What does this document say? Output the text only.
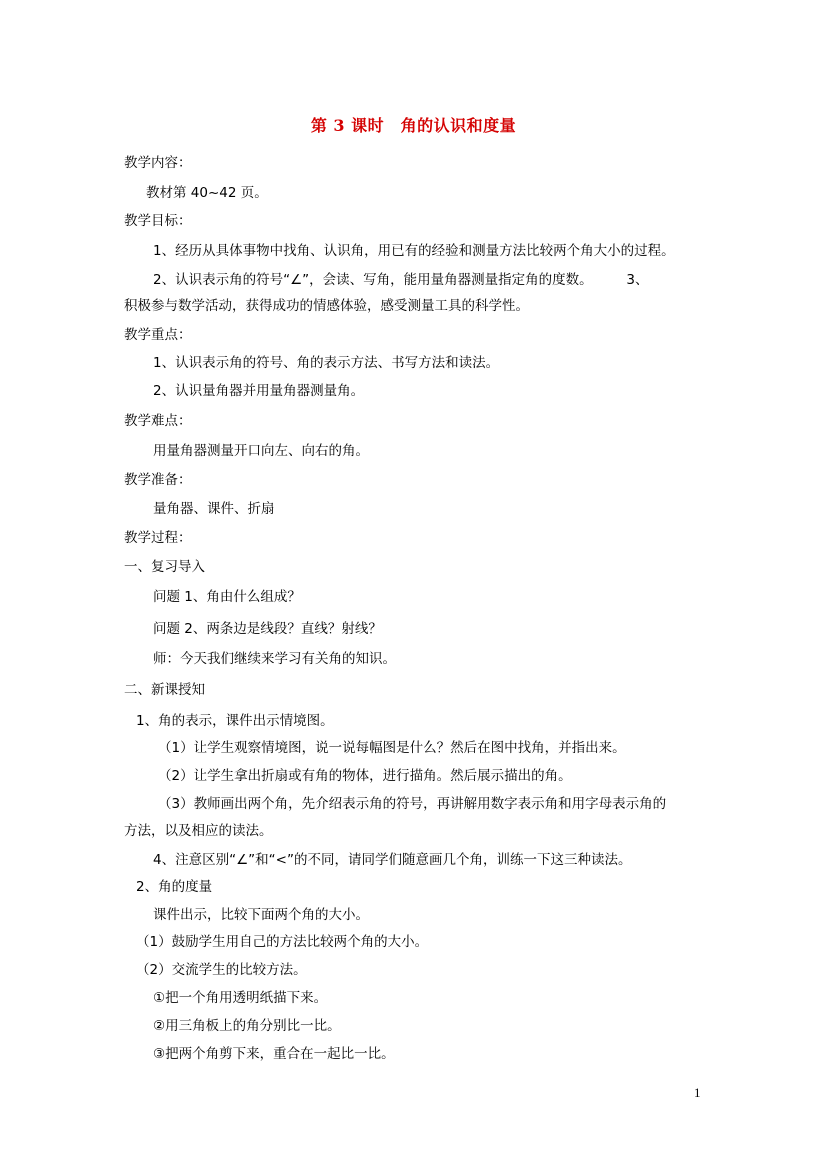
第 3 课时　角的认识和度量
教学内容：
教材第 40~42 页。
教学目标：
1、经历从具体事物中找角、认识角，用已有的经验和测量方法比较两个角大小的过程。
2、认识表示角的符号“∠”，会读、写角，能用量角器测量指定角的度数。　　　3、
积极参与数学活动，获得成功的情感体验，感受测量工具的科学性。
教学重点：
1、认识表示角的符号、角的表示方法、书写方法和读法。
2、认识量角器并用量角器测量角。
教学难点：
用量角器测量开口向左、向右的角。
教学准备：
量角器、课件、折扇
教学过程：
一、复习导入
问题 1、角由什么组成？
问题 2、两条边是线段？直线？射线？
师：今天我们继续来学习有关角的知识。
二、新课授知
1、角的表示，课件出示情境图。
（1）让学生观察情境图，说一说每幅图是什么？然后在图中找角，并指出来。
（2）让学生拿出折扇或有角的物体，进行描角。然后展示描出的角。
（3）教师画出两个角，先介绍表示角的符号，再讲解用数字表示角和用字母表示角的
方法，以及相应的读法。
4、注意区别“∠”和“<”的不同，请同学们随意画几个角，训练一下这三种读法。
2、角的度量
课件出示，比较下面两个角的大小。
（1）鼓励学生用自己的方法比较两个角的大小。
（2）交流学生的比较方法。
①把一个角用透明纸描下来。
②用三角板上的角分别比一比。
③把两个角剪下来，重合在一起比一比。
1
